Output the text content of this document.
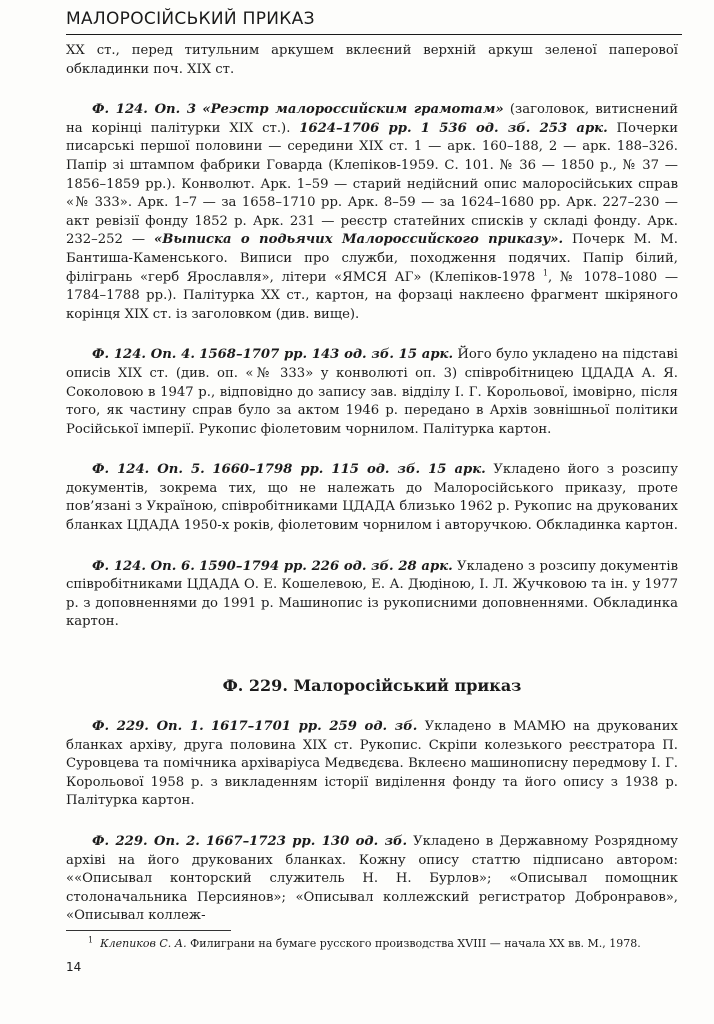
МАЛОРОСІЙСЬКИЙ ПРИКАЗ

XX ст., перед титульним аркушем вклеєний верхній аркуш зеленої паперової обкладинки поч. XIX ст.

Ф. 124. Оп. 3 «Реэстр малороссийским грамотам» (заголовок, витиснений на корінці палітурки XIX ст.). 1624–1706 рр. 1 536 од. зб. 253 арк. Почерки писарські першої половини — середини XIX ст. 1 — арк. 160–188, 2 — арк. 188–326. Папір зі штампом фабрики Говарда (Клепіков-1959. С. 101. № 36 — 1850 р., № 37 — 1856–1859 рр.). Конволют. Арк. 1–59 — старий недійсний опис малоросійських справ «№ 333». Арк. 1–7 — за 1658–1710 рр. Арк. 8–59 — за 1624–1680 рр. Арк. 227–230 — акт ревізії фонду 1852 р. Арк. 231 — реєстр статейних списків у складі фонду. Арк. 232–252 — «Выписка о подьячих Малороссийского приказу». Почерк М. М. Бантиша-Каменського. Виписи про служби, походження подячих. Папір білий, філігрань «герб Ярославля», літери «ЯМСЯ АГ» (Клепіков-1978 $^1$, № 1078–1080 — 1784–1788 рр.). Палітурка XX ст., картон, на форзаці наклеєно фрагмент шкіряного корінця XIX ст. із заголовком (див. вище).

Ф. 124. Оп. 4. 1568–1707 рр. 143 од. зб. 15 арк. Його було укладено на підставі описів XIX ст. (див. оп. «№ 333» у конволюті оп. 3) співробітницею ЦДАДА А. Я. Соколовою в 1947 р., відповідно до запису зав. відділу І. Г. Корольової, імовірно, після того, як частину справ було за актом 1946 р. передано в Архів зовнішньої політики Російської імперії. Рукопис фіолетовим чорнилом. Палітурка картон.

Ф. 124. Оп. 5. 1660–1798 рр. 115 од. зб. 15 арк. Укладено його з розсипу документів, зокрема тих, що не належать до Малоросійського приказу, проте пов’язані з Україною, співробітниками ЦДАДА близько 1962 р. Рукопис на друкованих бланках ЦДАДА 1950-х років, фіолетовим чорнилом і авторучкою. Обкладинка картон.

Ф. 124. Оп. 6. 1590–1794 рр. 226 од. зб. 28 арк. Укладено з розсипу документів співробітниками ЦДАДА О. Е. Кошелевою, Е. А. Дюдіною, І. Л. Жучковою та ін. у 1977 р. з доповненнями до 1991 р. Машинопис із рукописними доповненнями. Обкладинка картон.

Ф. 229. Малоросійський приказ

Ф. 229. Оп. 1. 1617–1701 рр. 259 од. зб. Укладено в МАМЮ на друкованих бланках архіву, друга половина XIX ст. Рукопис. Скріпи колезького реєстратора П. Суровцева та помічника архіваріуса Медвєдєва. Вклеєно машинописну передмову І. Г. Корольової 1958 р. з викладенням історії виділення фонду та його опису з 1938 р. Палітурка картон.

Ф. 229. Оп. 2. 1667–1723 рр. 130 од. зб. Укладено в Державному Розрядному архіві на його друкованих бланках. Кожну опису статтю підписано автором: ««Описывал конторский служитель Н. Н. Бурлов»; «Описывал помощник столоначальника Персиянов»; «Описывал коллежский регистратор Добронравов», «Описывал коллеж-

$^1$ Клепиков С. А. Филиграни на бумаге русского производства XVIII — начала XX вв. М., 1978.
14
